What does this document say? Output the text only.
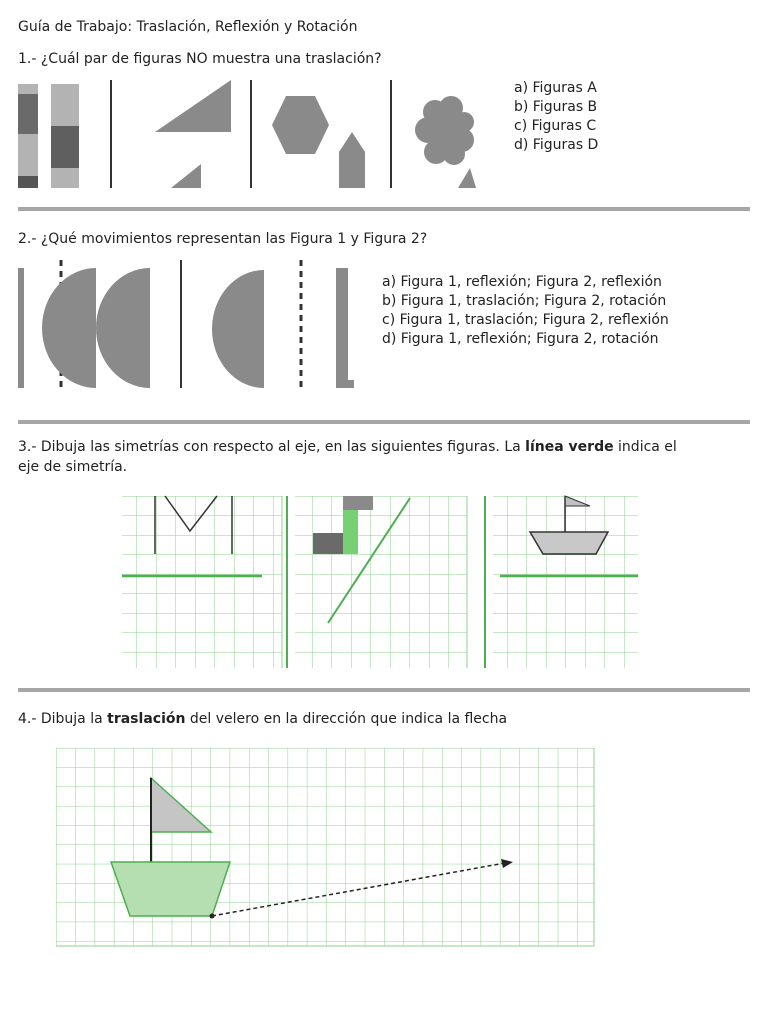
Guía de Trabajo: Traslación, Reflexión y Rotación
1.- ¿Cuál par de figuras NO muestra una traslación?
a) Figuras A
b) Figuras B
c) Figuras C
d) Figuras D
2.- ¿Qué movimientos representan las Figura 1 y Figura 2?
a) Figura 1, reflexión; Figura 2, reflexión
b) Figura 1, traslación; Figura 2, rotación
c) Figura 1, traslación; Figura 2, reflexión
d) Figura 1, reflexión; Figura 2, rotación
3.- Dibuja las simetrías con respecto al eje, en las siguientes figuras. La línea verde indica el
eje de simetría.
4.- Dibuja la traslación del velero en la dirección que indica la flecha
